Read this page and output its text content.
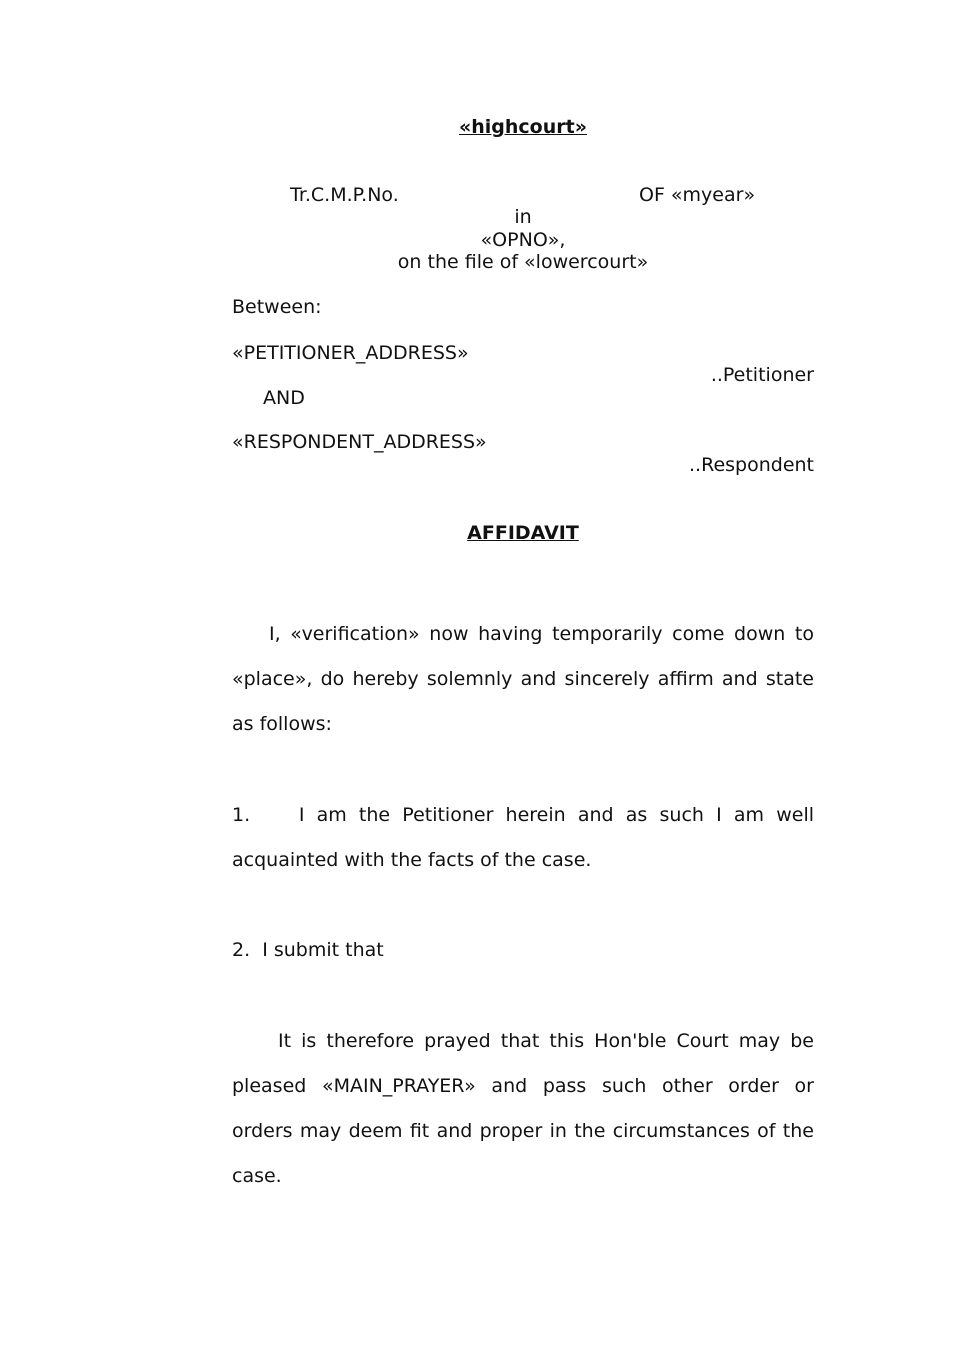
«highcourt»
Tr.C.M.P.No.	OF «myear»
in
«OPNO»,
on the file of «lowercourt»
Between:
«PETITIONER_ADDRESS»
..Petitioner
AND
«RESPONDENT_ADDRESS»
..Respondent
AFFIDAVIT
I, «verification» now having temporarily come down to
«place», do hereby solemnly and sincerely affirm and state
as follows:
1.    I am the Petitioner herein and as such I am well
acquainted with the facts of the case.
2.  I submit that
It is therefore prayed that this Hon'ble Court may be
pleased «MAIN_PRAYER» and pass such other order or
orders may deem fit and proper in the circumstances of the
case.
